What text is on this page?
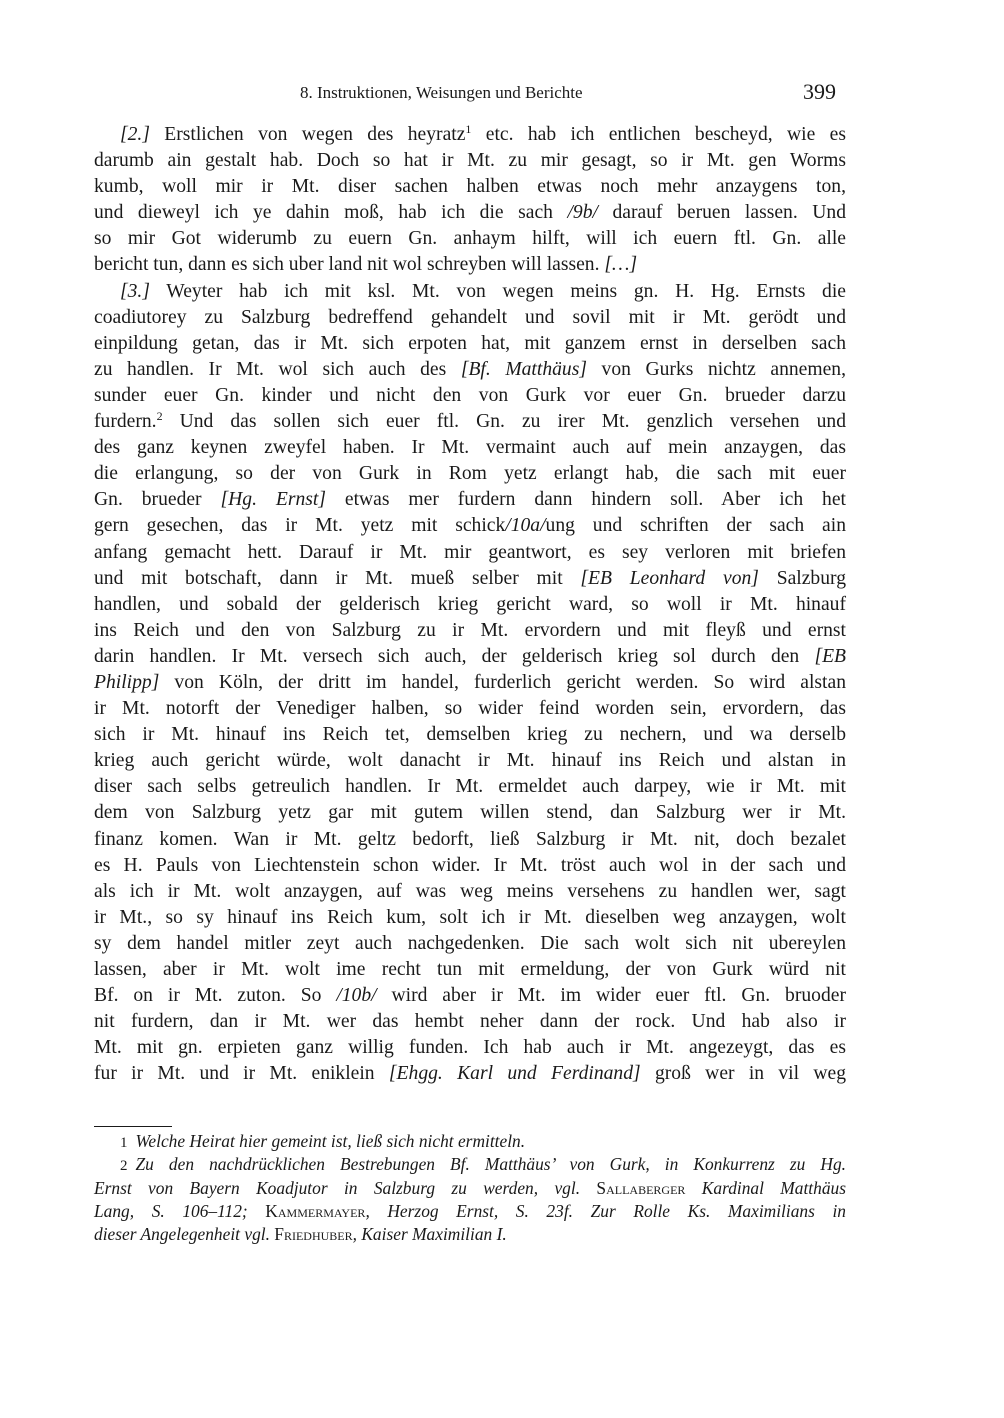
8. Instruktionen, Weisungen und Berichte	399
[2.] Erstlichen von wegen des heyratz$^1$ etc. hab ich entlichen bescheyd, wie es
darumb ain gestalt hab. Doch so hat ir Mt. zu mir gesagt, so ir Mt. gen Worms
kumb, woll mir ir Mt. diser sachen halben etwas noch mehr anzaygens ton,
und dieweyl ich ye dahin moß, hab ich die sach /9b/ darauf beruen lassen. Und
so mir Got widerumb zu euern Gn. anhaym hilft, will ich euern ftl. Gn. alle
bericht tun, dann es sich uber land nit wol schreyben will lassen. […]
[3.] Weyter hab ich mit ksl. Mt. von wegen meins gn. H. Hg. Ernsts die
coadiutorey zu Salzburg bedreffend gehandelt und sovil mit ir Mt. gerödt und
einpildung getan, das ir Mt. sich erpoten hat, mit ganzem ernst in derselben sach
zu handlen. Ir Mt. wol sich auch des [Bf. Matthäus] von Gurks nichtz annemen,
sunder euer Gn. kinder und nicht den von Gurk vor euer Gn. brueder darzu
furdern.$^2$ Und das sollen sich euer ftl. Gn. zu irer Mt. genzlich versehen und
des ganz keynen zweyfel haben. Ir Mt. vermaint auch auf mein anzaygen, das
die erlangung, so der von Gurk in Rom yetz erlangt hab, die sach mit euer
Gn. brueder [Hg. Ernst] etwas mer furdern dann hindern soll. Aber ich het
gern gesechen, das ir Mt. yetz mit schick/10a/ung und schriften der sach ain
anfang gemacht hett. Darauf ir Mt. mir geantwort, es sey verloren mit briefen
und mit botschaft, dann ir Mt. mueß selber mit [EB Leonhard von] Salzburg
handlen, und sobald der gelderisch krieg gericht ward, so woll ir Mt. hinauf
ins Reich und den von Salzburg zu ir Mt. ervordern und mit fleyß und ernst
darin handlen. Ir Mt. versech sich auch, der gelderisch krieg sol durch den [EB
Philipp] von Köln, der dritt im handel, furderlich gericht werden. So wird alstan
ir Mt. notorft der Venediger halben, so wider feind worden sein, ervordern, das
sich ir Mt. hinauf ins Reich tet, demselben krieg zu nechern, und wa derselb
krieg auch gericht würde, wolt danacht ir Mt. hinauf ins Reich und alstan in
diser sach selbs getreulich handlen. Ir Mt. ermeldet auch darpey, wie ir Mt. mit
dem von Salzburg yetz gar mit gutem willen stend, dan Salzburg wer ir Mt.
finanz komen. Wan ir Mt. geltz bedorft, ließ Salzburg ir Mt. nit, doch bezalet
es H. Pauls von Liechtenstein schon wider. Ir Mt. tröst auch wol in der sach und
als ich ir Mt. wolt anzaygen, auf was weg meins versehens zu handlen wer, sagt
ir Mt., so sy hinauf ins Reich kum, solt ich ir Mt. dieselben weg anzaygen, wolt
sy dem handel mitler zeyt auch nachgedenken. Die sach wolt sich nit ubereylen
lassen, aber ir Mt. wolt ime recht tun mit ermeldung, der von Gurk würd nit
Bf. on ir Mt. zuton. So /10b/ wird aber ir Mt. im wider euer ftl. Gn. bruoder
nit furdern, dan ir Mt. wer das hembt neher dann der rock. Und hab also ir
Mt. mit gn. erpieten ganz willig funden. Ich hab auch ir Mt. angezeygt, das es
fur ir Mt. und ir Mt. eniklein [Ehgg. Karl und Ferdinand] groß wer in vil weg
1 Welche Heirat hier gemeint ist, ließ sich nicht ermitteln.
2 Zu den nachdrücklichen Bestrebungen Bf. Matthäus’ von Gurk, in Konkurrenz zu Hg.
Ernst von Bayern Koadjutor in Salzburg zu werden, vgl. Sallaberger Kardinal Matthäus
Lang, S. 106–112; Kammermayer, Herzog Ernst, S. 23f. Zur Rolle Ks. Maximilians in
dieser Angelegenheit vgl. Friedhuber, Kaiser Maximilian I.
